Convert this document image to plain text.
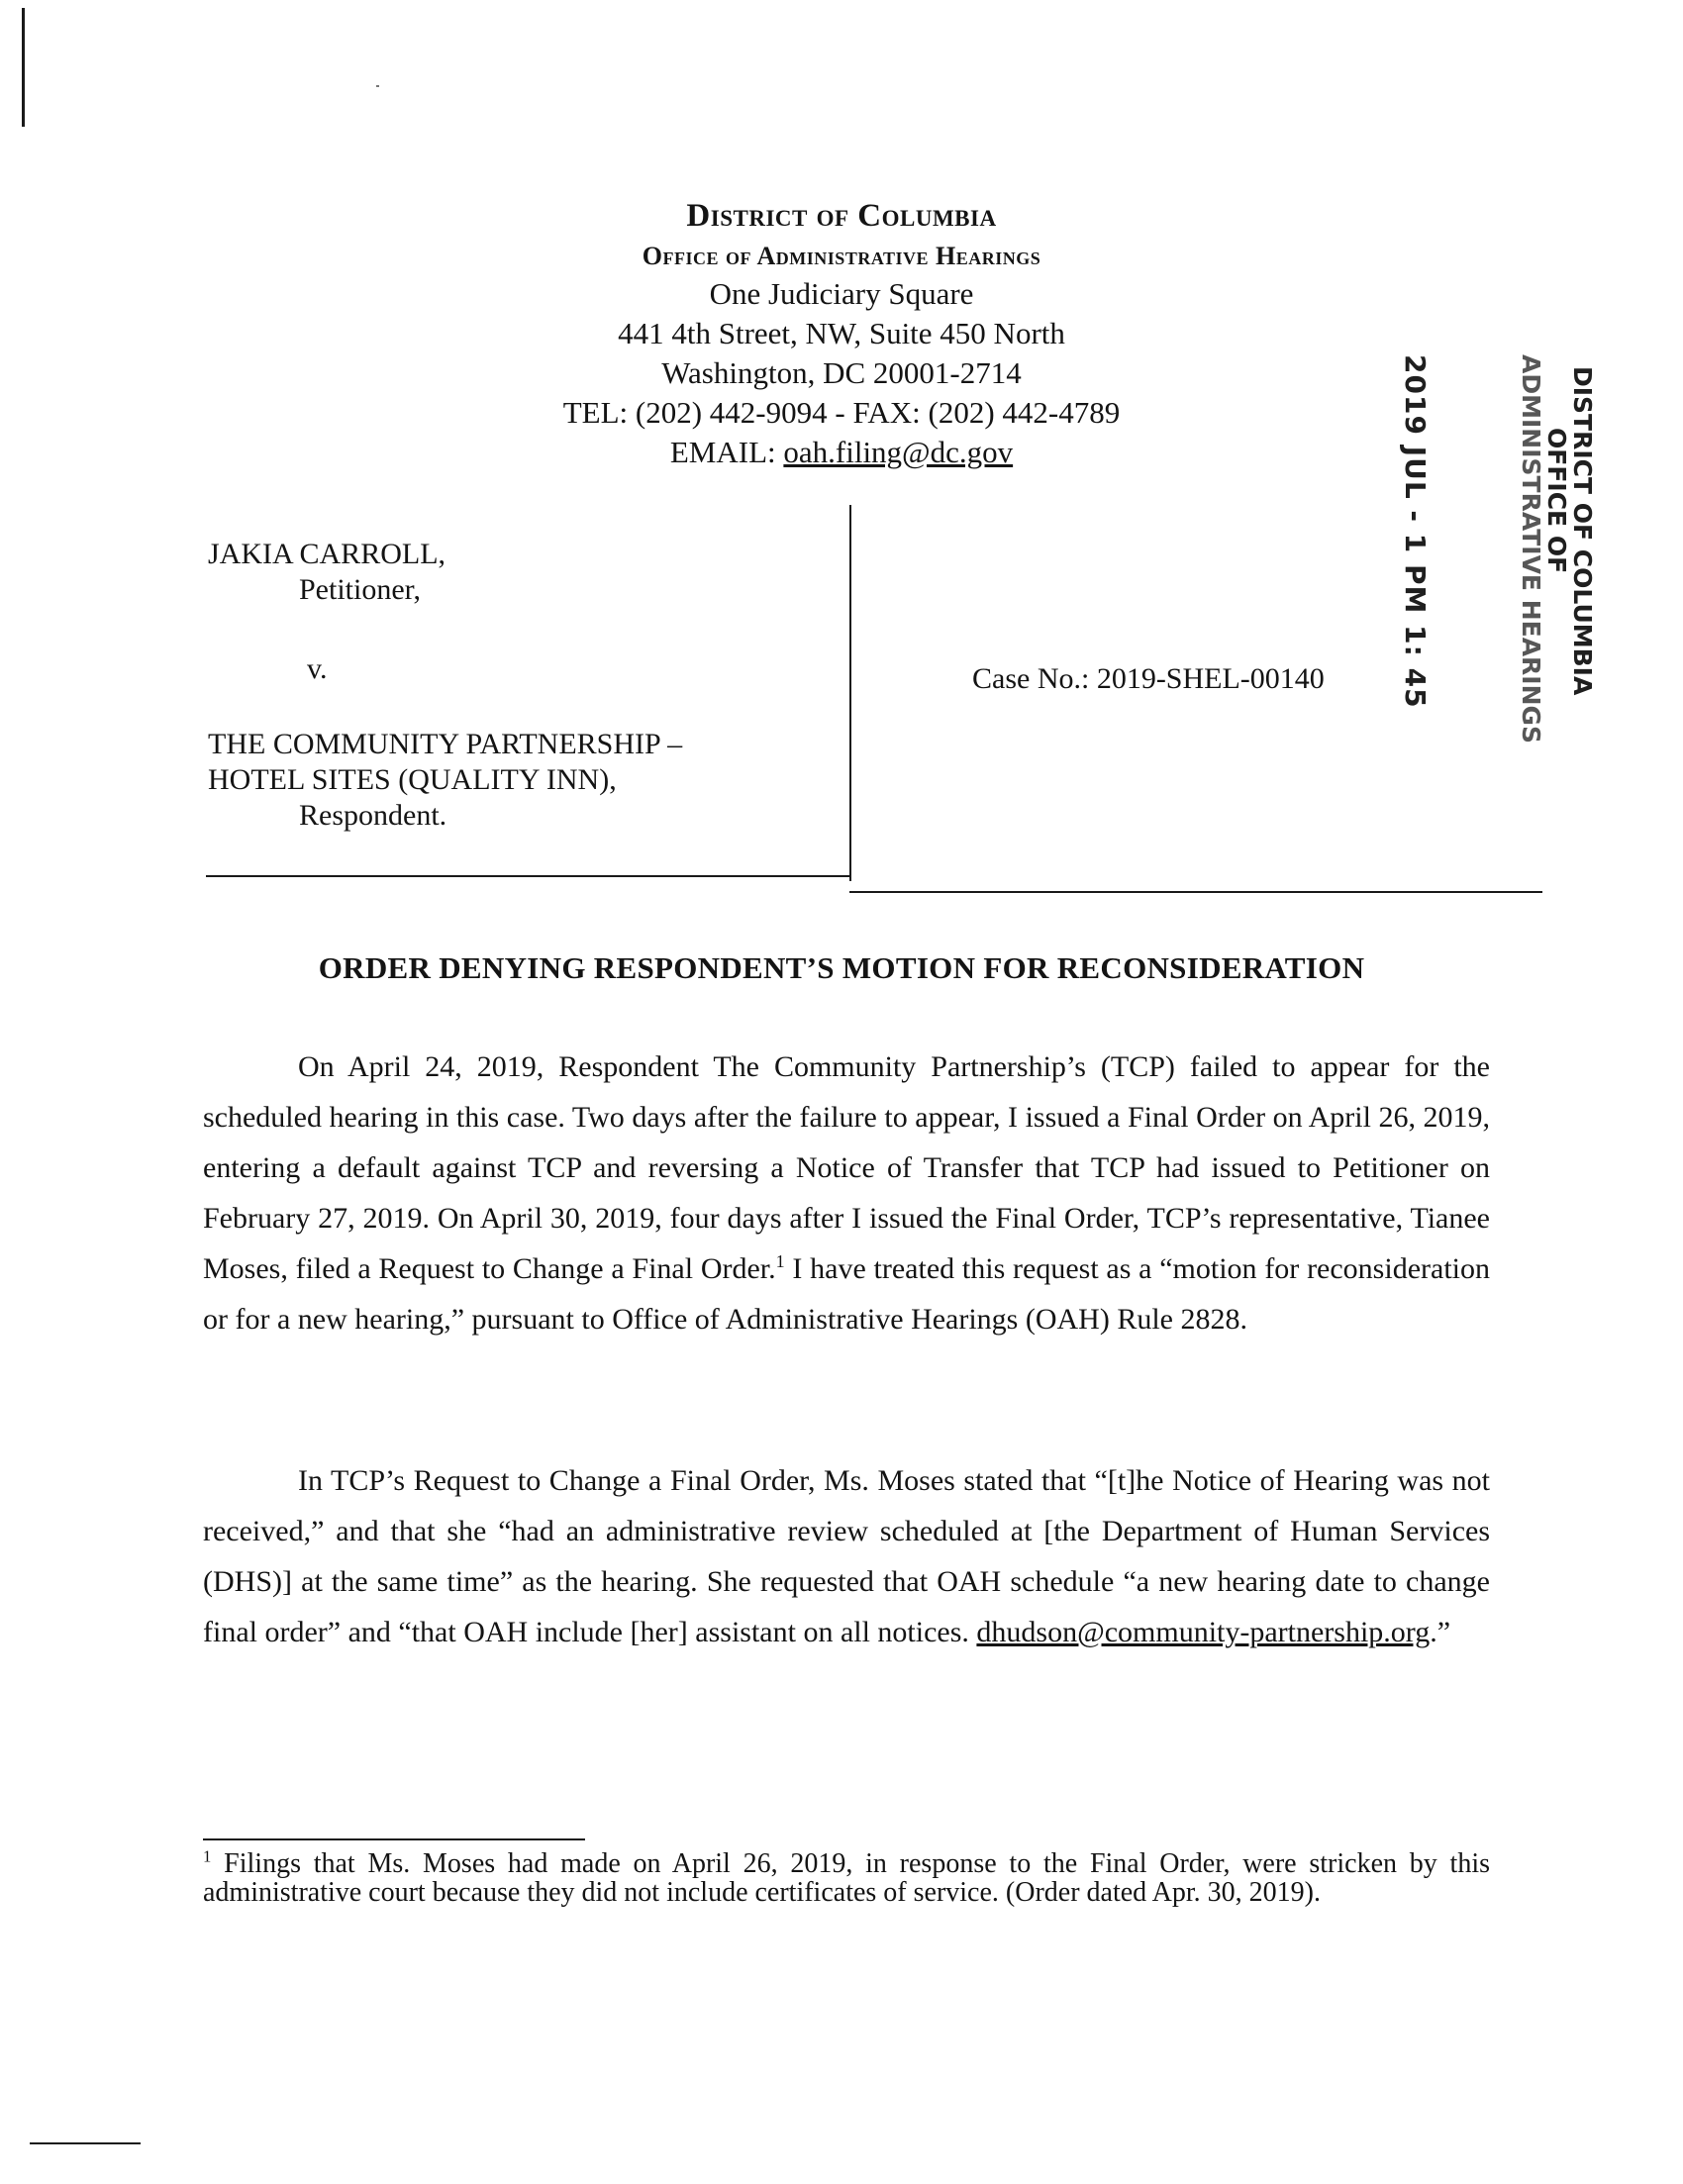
District of Columbia
Office of Administrative Hearings
One Judiciary Square
441 4th Street, NW, Suite 450 North
Washington, DC 20001-2714
TEL: (202) 442-9094 - FAX: (202) 442-4789
EMAIL: oah.filing@dc.gov
JAKIA CARROLL,
Petitioner,
v.
THE COMMUNITY PARTNERSHIP –
HOTEL SITES (QUALITY INN),
Respondent.
Case No.: 2019-SHEL-00140	2019 JUL - 1 PM 1: 45	DISTRICT OF COLUMBIA
OFFICE OF
ADMINISTRATIVE HEARINGS
ORDER DENYING RESPONDENT’S MOTION FOR RECONSIDERATION

On April 24, 2019, Respondent The Community Partnership’s (TCP) failed to appear for the scheduled hearing in this case. Two days after the failure to appear, I issued a Final Order on April 26, 2019, entering a default against TCP and reversing a Notice of Transfer that TCP had issued to Petitioner on February 27, 2019. On April 30, 2019, four days after I issued the Final Order, TCP’s representative, Tianee Moses, filed a Request to Change a Final Order.$^1$ I have treated this request as a “motion for reconsideration or for a new hearing,” pursuant to Office of Administrative Hearings (OAH) Rule 2828.

In TCP’s Request to Change a Final Order, Ms. Moses stated that “[t]he Notice of Hearing was not received,” and that she “had an administrative review scheduled at [the Department of Human Services (DHS)] at the same time” as the hearing. She requested that OAH schedule “a new hearing date to change final order” and “that OAH include [her] assistant on all notices. dhudson@community-partnership.org.”

$^1$ Filings that Ms. Moses had made on April 26, 2019, in response to the Final Order, were stricken by this administrative court because they did not include certificates of service. (Order dated Apr. 30, 2019).
